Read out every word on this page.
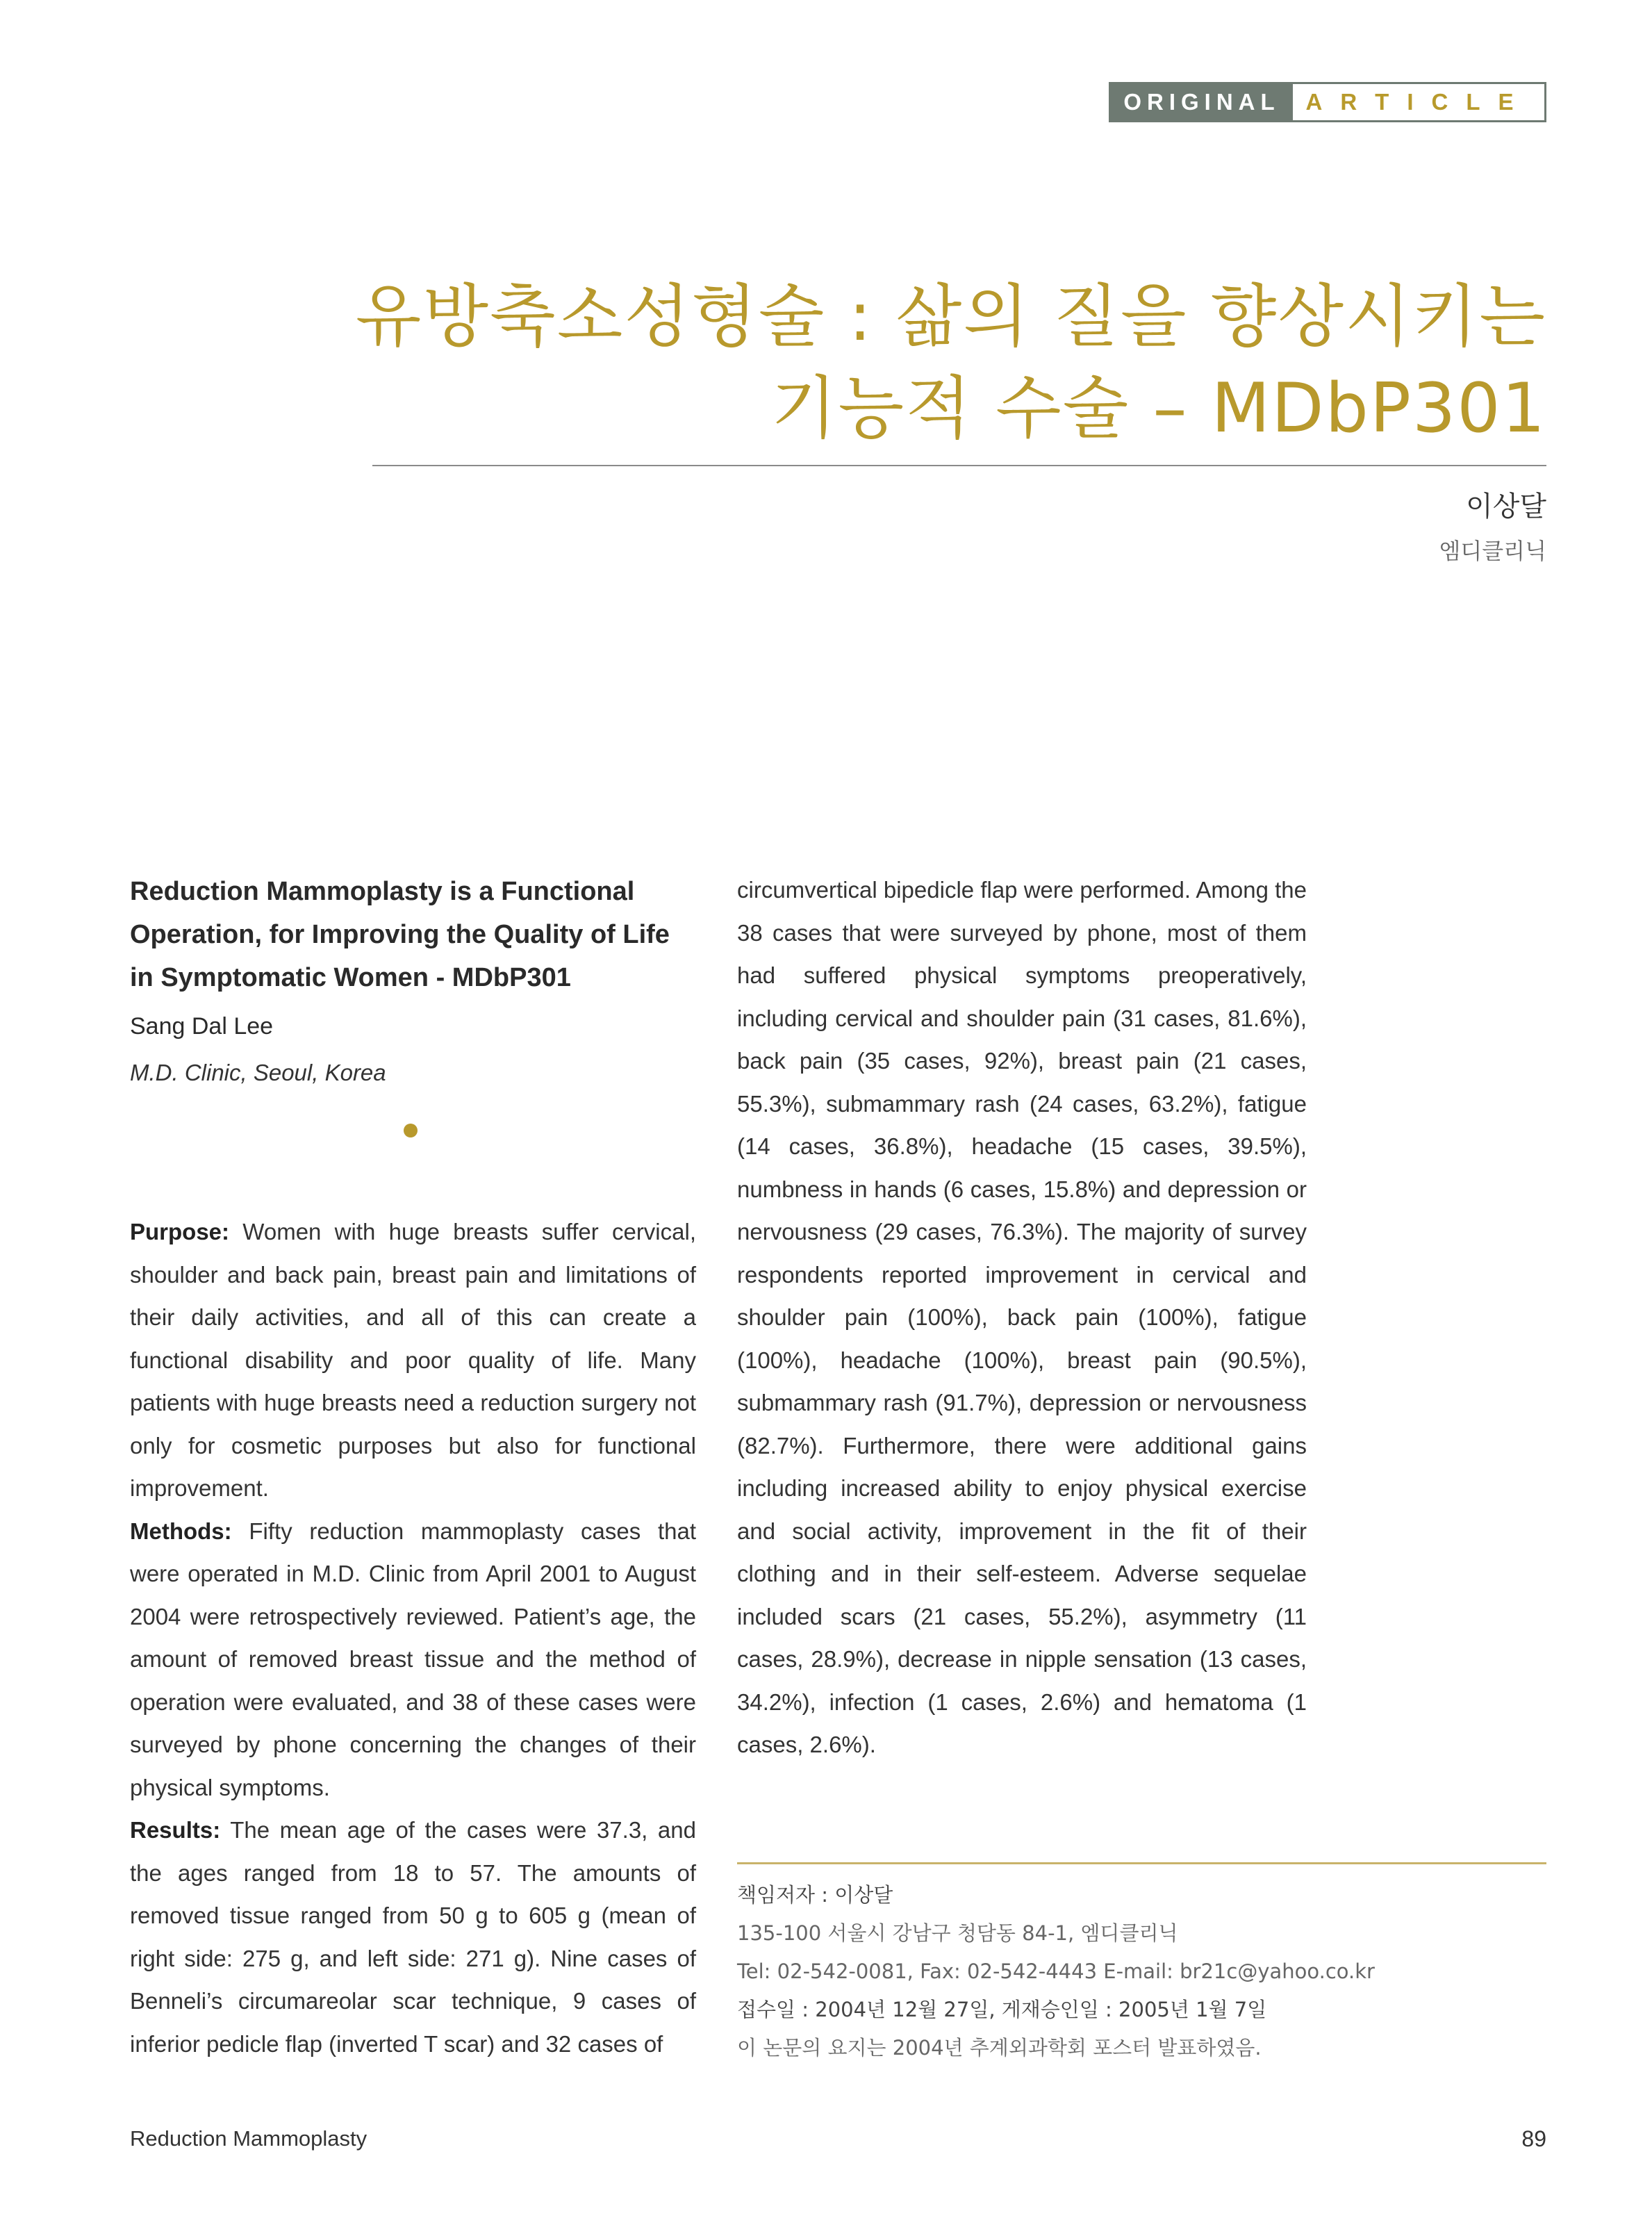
ORIGINAL	ARTICLE
유방축소성형술 : 삶의 질을 향상시키는
기능적 수술 – MDbP301
이상달
엠디클리닉
Reduction Mammoplasty is a Functional Operation, for Improving the Quality of Life in Symptomatic Women - MDbP301
Sang Dal Lee
M.D. Clinic, Seoul, Korea

Purpose: Women with huge breasts suffer cervical, shoulder and back pain, breast pain and limitations of their daily activities, and all of this can create a functional disability and poor quality of life. Many patients with huge breasts need a reduction surgery not only for cosmetic purposes but also for functional improvement.

Methods: Fifty reduction mammoplasty cases that were operated in M.D. Clinic from April 2001 to August 2004 were retrospectively reviewed. Patient’s age, the amount of removed breast tissue and the method of operation were evaluated, and 38 of these cases were surveyed by phone concerning the changes of their physical symptoms.

Results: The mean age of the cases were 37.3, and the ages ranged from 18 to 57. The amounts of removed tissue ranged from 50 g to 605 g (mean of right side: 275 g, and left side: 271 g). Nine cases of Benneli’s circumareolar scar technique, 9 cases of inferior pedicle flap (inverted T scar) and 32 cases of

circumvertical bipedicle flap were performed. Among the 38 cases that were surveyed by phone, most of them had suffered physical symptoms preoperatively, including cervical and shoulder pain (31 cases, 81.6%), back pain (35 cases, 92%), breast pain (21 cases, 55.3%), submammary rash (24 cases, 63.2%), fatigue (14 cases, 36.8%), headache (15 cases, 39.5%), numbness in hands (6 cases, 15.8%) and depression or nervousness (29 cases, 76.3%). The majority of survey respondents reported improvement in cervical and shoulder pain (100%), back pain (100%), fatigue (100%), headache (100%), breast pain (90.5%), submammary rash (91.7%), depression or nervousness (82.7%). Furthermore, there were additional gains including increased ability to enjoy physical exercise and social activity, improvement in the fit of their clothing and in their self-esteem. Adverse sequelae included scars (21 cases, 55.2%), asymmetry (11 cases, 28.9%), decrease in nipple sensation (13 cases, 34.2%), infection (1 cases, 2.6%) and hematoma (1 cases, 2.6%).

책임저자 : 이상달
135-100 서울시 강남구 청담동 84-1, 엠디클리닉
Tel: 02-542-0081, Fax: 02-542-4443 E-mail: br21c@yahoo.co.kr
접수일 : 2004년 12월 27일, 게재승인일 : 2005년 1월 7일
이 논문의 요지는 2004년 추계외과학회 포스터 발표하였음.
Reduction Mammoplasty	89
